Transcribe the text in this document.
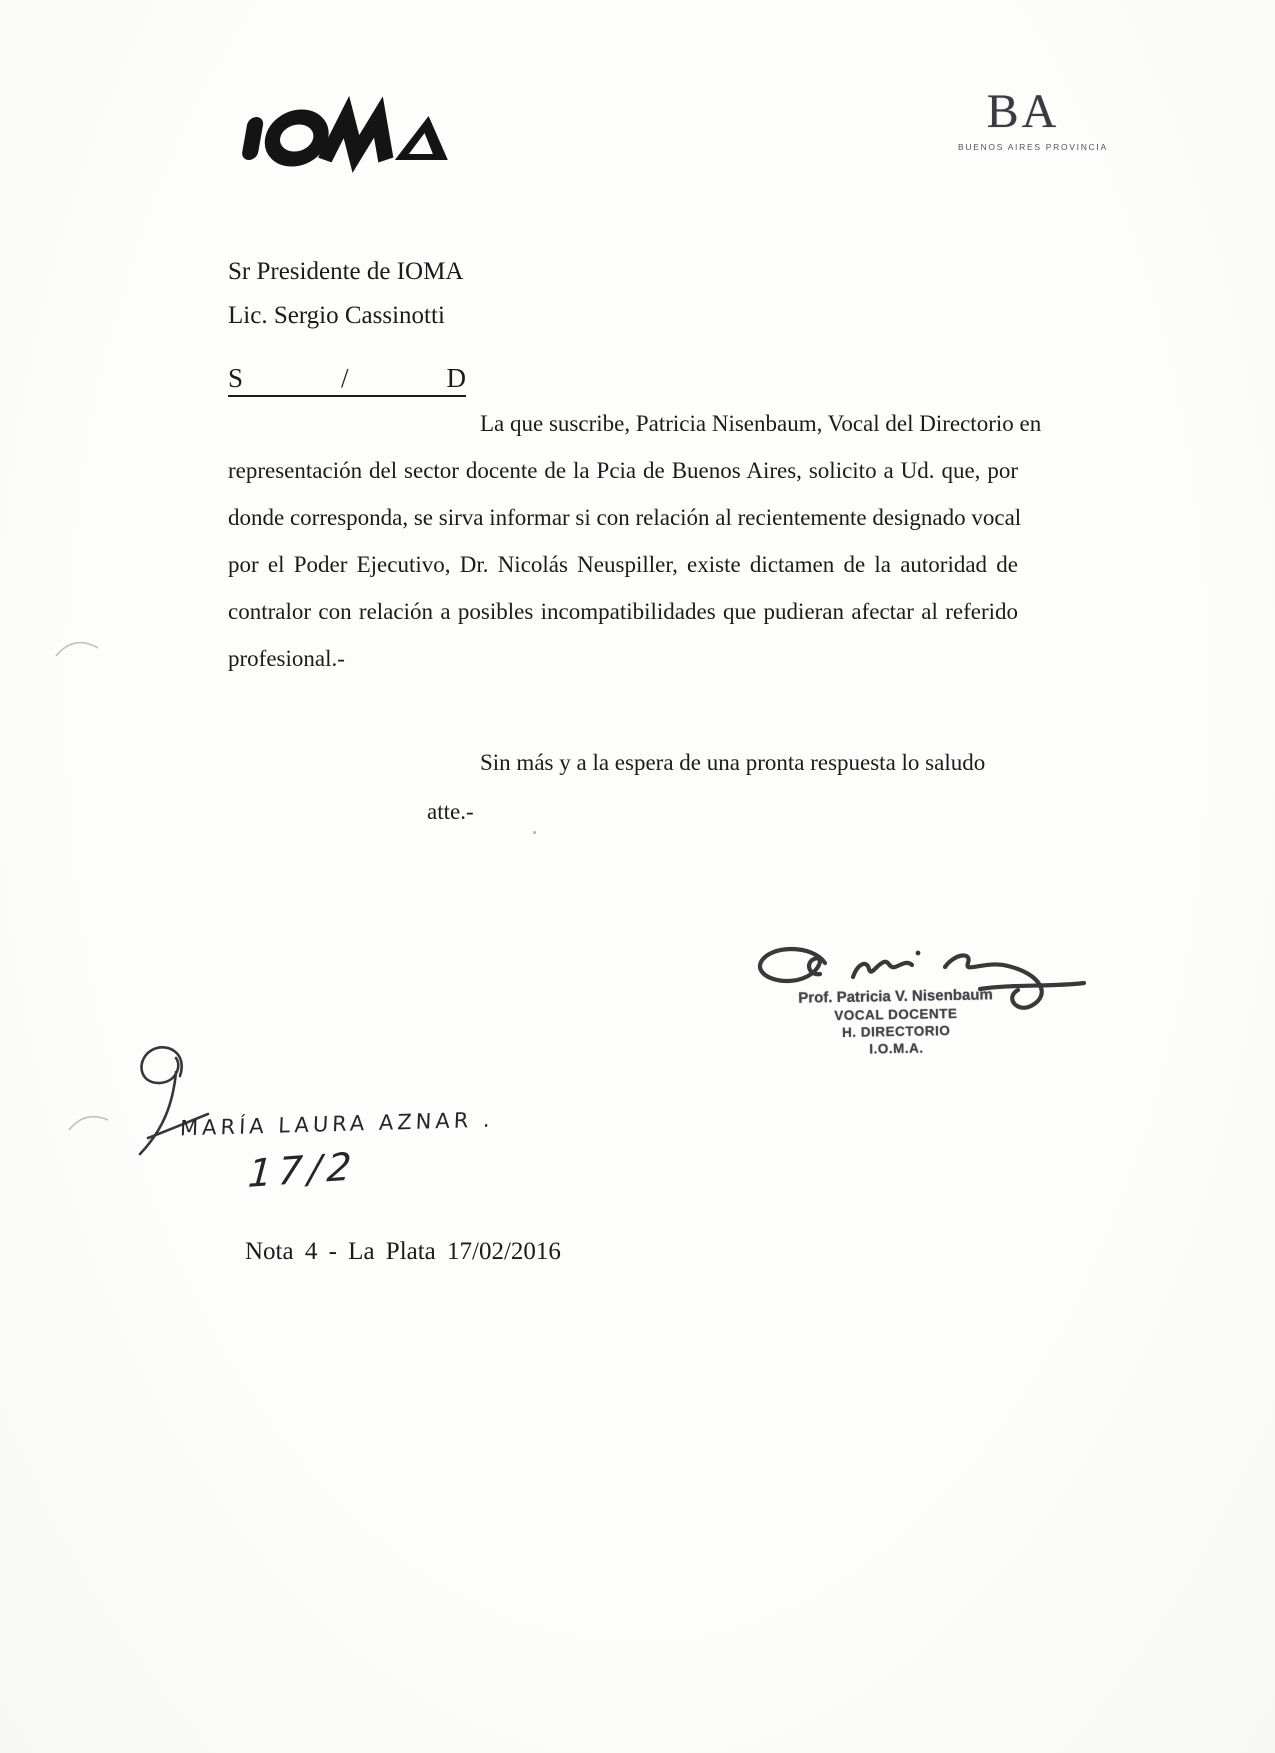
BA
BUENOS AIRES PROVINCIA
Sr Presidente de IOMA
Lic. Sergio Cassinotti
S	/	D
La que suscribe, Patricia Nisenbaum, Vocal del Directorio en
representación del sector docente de la Pcia de Buenos Aires, solicito a Ud. que, por
donde corresponda, se sirva informar si con relación al recientemente designado vocal
por el Poder Ejecutivo, Dr. Nicolás Neuspiller, existe dictamen de la autoridad de
contralor con relación a posibles incompatibilidades que pudieran afectar al referido
profesional.-
Sin más y a la espera de una pronta respuesta lo saludo
atte.-
Prof. Patricia V. Nisenbaum
VOCAL DOCENTE
H. DIRECTORIO
I.O.M.A.
MARÍA LAURA AZNAR .
17/2
Nota 4 - La Plata 17/02/2016
